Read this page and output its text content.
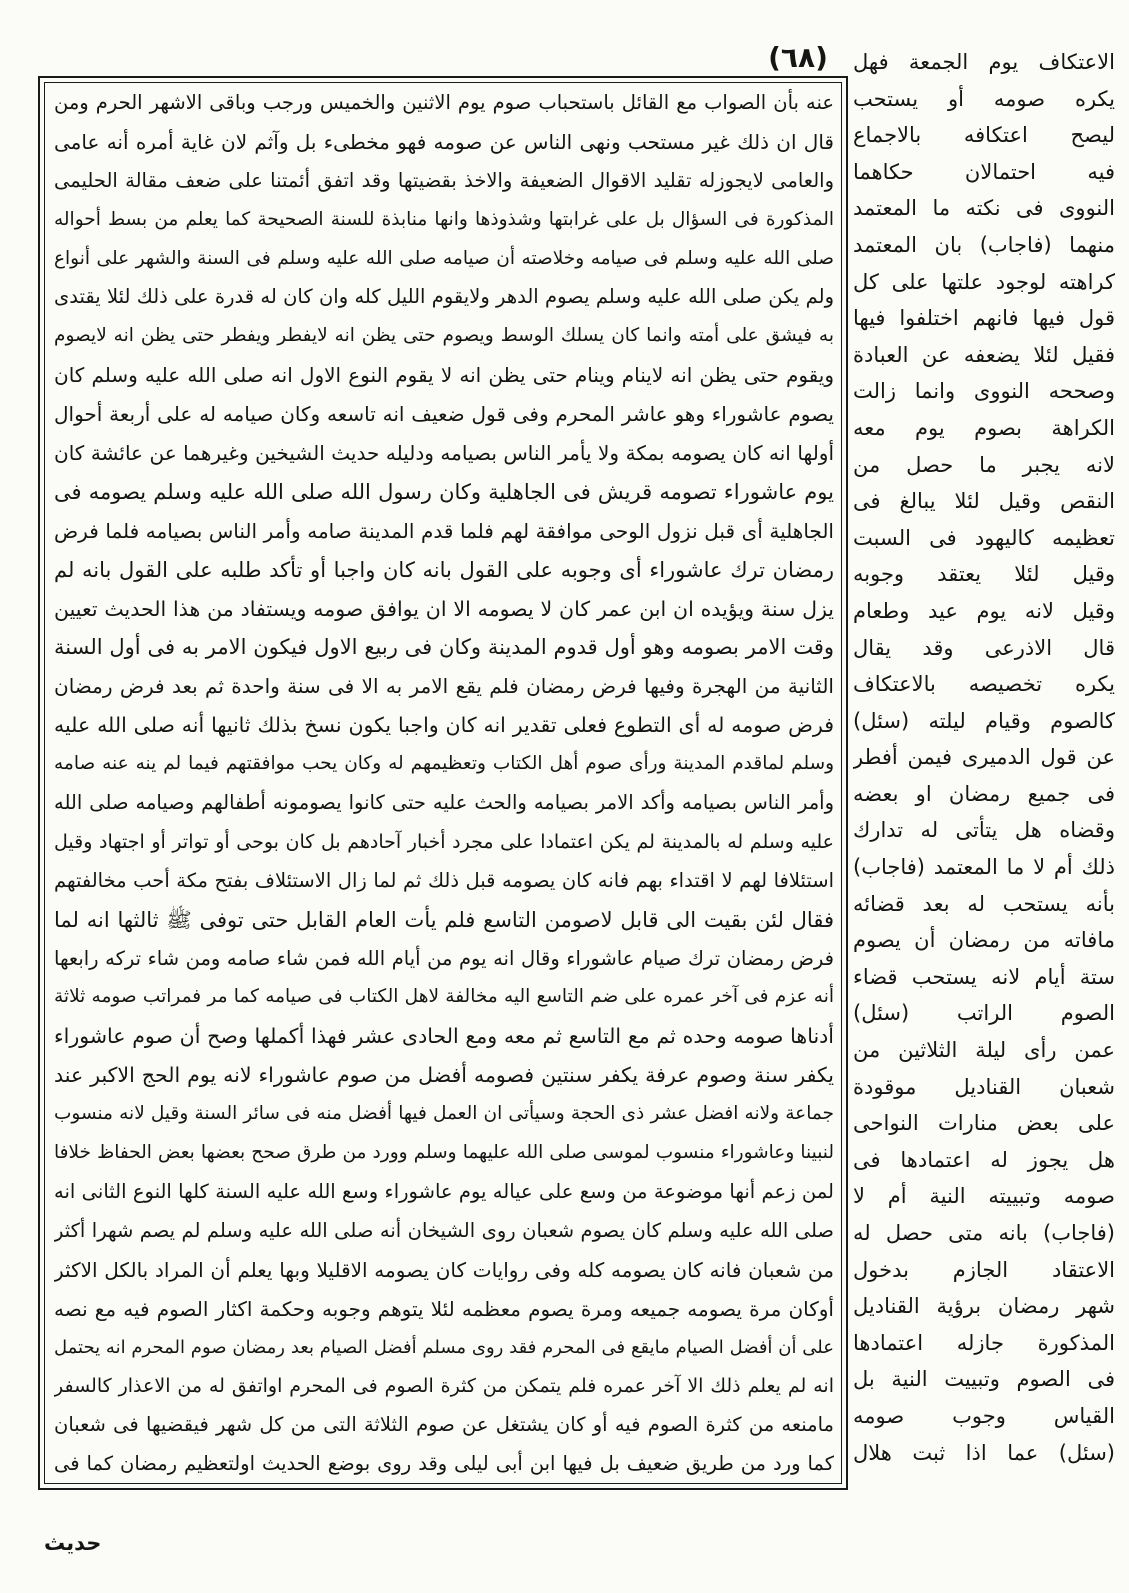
(٦٨)
عنه بأن الصواب مع القائل باستحباب صوم يوم الاثنين والخميس ورجب وباقى الاشهر الحرم ومن
قال ان ذلك غير مستحب ونهى الناس عن صومه فهو مخطىء بل وآثم لان غاية أمره أنه عامى
والعامى لايجوزله تقليد الاقوال الضعيفة والاخذ بقضيتها وقد اتفق أئمتنا على ضعف مقالة الحليمى
المذكورة فى السؤال بل على غرابتها وشذوذها وانها منابذة للسنة الصحيحة كما يعلم من بسط أحواله
صلى الله عليه وسلم فى صيامه وخلاصته أن صيامه صلى الله عليه وسلم فى السنة والشهر على أنواع
ولم يكن صلى الله عليه وسلم يصوم الدهر ولايقوم الليل كله وان كان له قدرة على ذلك لئلا يقتدى
به فيشق على أمته وانما كان يسلك الوسط ويصوم حتى يظن انه لايفطر ويفطر حتى يظن انه لايصوم
ويقوم حتى يظن انه لاينام وينام حتى يظن انه لا يقوم النوع الاول انه صلى الله عليه وسلم كان
يصوم عاشوراء وهو عاشر المحرم وفى قول ضعيف انه تاسعه وكان صيامه له على أربعة أحوال
أولها انه كان يصومه بمكة ولا يأمر الناس بصيامه ودليله حديث الشيخين وغيرهما عن عائشة كان
يوم عاشوراء تصومه قريش فى الجاهلية وكان رسول الله صلى الله عليه وسلم يصومه فى
الجاهلية أى قبل نزول الوحى موافقة لهم فلما قدم المدينة صامه وأمر الناس بصيامه فلما فرض
رمضان ترك عاشوراء أى وجوبه على القول بانه كان واجبا أو تأكد طلبه على القول بانه لم
يزل سنة ويؤيده ان ابن عمر كان لا يصومه الا ان يوافق صومه ويستفاد من هذا الحديث تعيين
وقت الامر بصومه وهو أول قدوم المدينة وكان فى ربيع الاول فيكون الامر به فى أول السنة
الثانية من الهجرة وفيها فرض رمضان فلم يقع الامر به الا فى سنة واحدة ثم بعد فرض رمضان
فرض صومه له أى التطوع فعلى تقدير انه كان واجبا يكون نسخ بذلك ثانيها أنه صلى الله عليه
وسلم لماقدم المدينة ورأى صوم أهل الكتاب وتعظيمهم له وكان يحب موافقتهم فيما لم ينه عنه صامه
وأمر الناس بصيامه وأكد الامر بصيامه والحث عليه حتى كانوا يصومونه أطفالهم وصيامه صلى الله
عليه وسلم له بالمدينة لم يكن اعتمادا على مجرد أخبار آحادهم بل كان بوحى أو تواتر أو اجتهاد وقيل
استئلافا لهم لا اقتداء بهم فانه كان يصومه قبل ذلك ثم لما زال الاستئلاف بفتح مكة أحب مخالفتهم
فقال لئن بقيت الى قابل لاصومن التاسع فلم يأت العام القابل حتى توفى ﷺ ثالثها انه لما
فرض رمضان ترك صيام عاشوراء وقال انه يوم من أيام الله فمن شاء صامه ومن شاء تركه رابعها
أنه عزم فى آخر عمره على ضم التاسع اليه مخالفة لاهل الكتاب فى صيامه كما مر فمراتب صومه ثلاثة
أدناها صومه وحده ثم مع التاسع ثم معه ومع الحادى عشر فهذا أكملها وصح أن صوم عاشوراء
يكفر سنة وصوم عرفة يكفر سنتين فصومه أفضل من صوم عاشوراء لانه يوم الحج الاكبر عند
جماعة ولانه افضل عشر ذى الحجة وسيأتى ان العمل فيها أفضل منه فى سائر السنة وقيل لانه منسوب
لنبينا وعاشوراء منسوب لموسى صلى الله عليهما وسلم وورد من طرق صحح بعضها بعض الحفاظ خلافا
لمن زعم أنها موضوعة من وسع على عياله يوم عاشوراء وسع الله عليه السنة كلها النوع الثانى انه
صلى الله عليه وسلم كان يصوم شعبان روى الشيخان أنه صلى الله عليه وسلم لم يصم شهرا أكثر
من شعبان فانه كان يصومه كله وفى روايات كان يصومه الاقليلا وبها يعلم أن المراد بالكل الاكثر
أوكان مرة يصومه جميعه ومرة يصوم معظمه لئلا يتوهم وجوبه وحكمة اكثار الصوم فيه مع نصه
على أن أفضل الصيام مايقع فى المحرم فقد روى مسلم أفضل الصيام بعد رمضان صوم المحرم انه يحتمل
انه لم يعلم ذلك الا آخر عمره فلم يتمكن من كثرة الصوم فى المحرم اواتفق له من الاعذار كالسفر
مامنعه من كثرة الصوم فيه أو كان يشتغل عن صوم الثلاثة التى من كل شهر فيقضيها فى شعبان
كما ورد من طريق ضعيف بل فيها ابن أبى ليلى وقد روى بوضع الحديث اولتعظيم رمضان كما فى
الاعتكاف يوم الجمعة فهل
يكره صومه أو يستحب
ليصح اعتكافه بالاجماع
فيه احتمالان حكاهما
النووى فى نكته ما المعتمد
منهما (فاجاب) بان المعتمد
كراهته لوجود علتها على كل
قول فيها فانهم اختلفوا فيها
فقيل لئلا يضعفه عن العبادة
وصححه النووى وانما زالت
الكراهة بصوم يوم معه
لانه يجبر ما حصل من
النقص وقيل لئلا يبالغ فى
تعظيمه كاليهود فى السبت
وقيل لئلا يعتقد وجوبه
وقيل لانه يوم عيد وطعام
قال الاذرعى وقد يقال
يكره تخصيصه بالاعتكاف
كالصوم وقيام ليلته (سئل)
عن قول الدميرى فيمن أفطر
فى جميع رمضان او بعضه
وقضاه هل يتأتى له تدارك
ذلك أم لا ما المعتمد (فاجاب)
بأنه يستحب له بعد قضائه
مافاته من رمضان أن يصوم
ستة أيام لانه يستحب قضاء
الصوم الراتب (سئل)
عمن رأى ليلة الثلاثين من
شعبان القناديل موقودة
على بعض منارات النواحى
هل يجوز له اعتمادها فى
صومه وتبييته النية أم لا
(فاجاب) بانه متى حصل له
الاعتقاد الجازم بدخول
شهر رمضان برؤية القناديل
المذكورة جازله اعتمادها
فى الصوم وتبييت النية بل
القياس وجوب صومه
(سئل) عما اذا ثبت هلال
حديث
